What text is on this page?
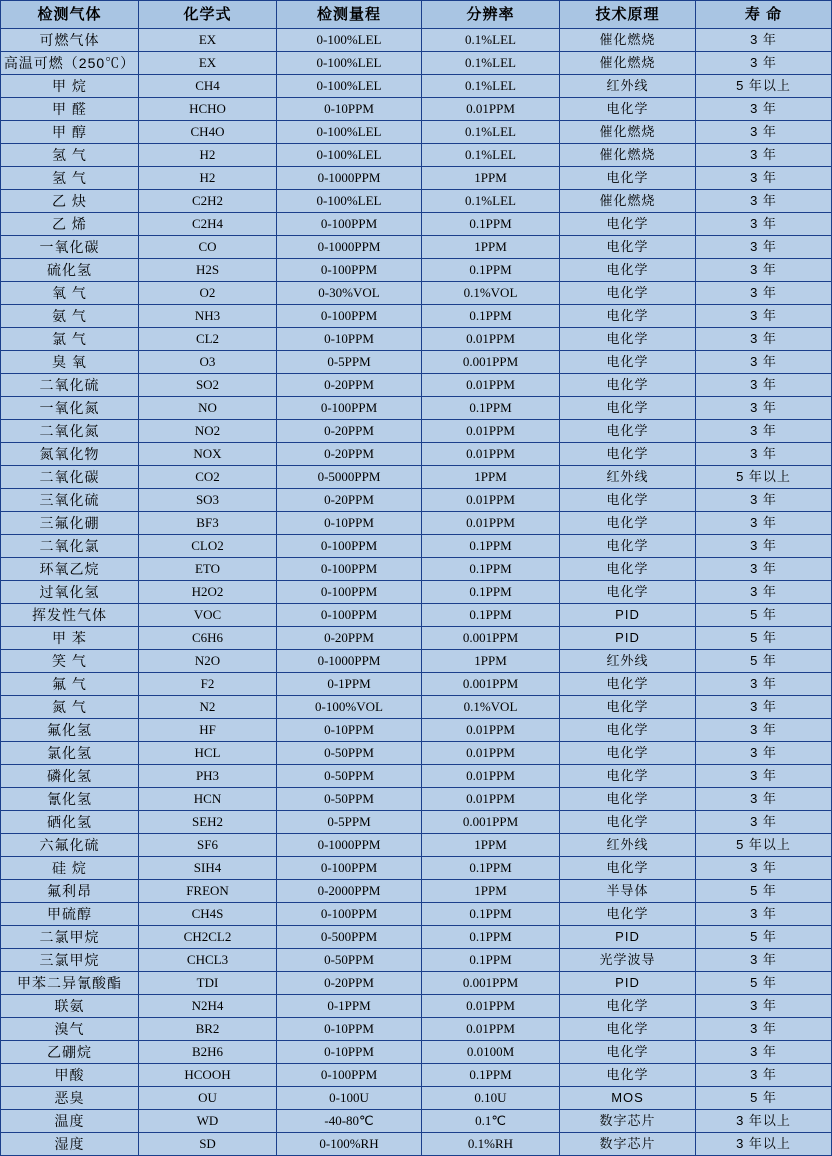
检测气体	化学式	检测量程	分辨率	技术原理	寿 命
可燃气体	EX	0-100%LEL	0.1%LEL	催化燃烧	3 年
高温可燃（250℃）	EX	0-100%LEL	0.1%LEL	催化燃烧	3 年
甲 烷	CH4	0-100%LEL	0.1%LEL	红外线	5 年以上
甲 醛	HCHO	0-10PPM	0.01PPM	电化学	3 年
甲 醇	CH4O	0-100%LEL	0.1%LEL	催化燃烧	3 年
氢 气	H2	0-100%LEL	0.1%LEL	催化燃烧	3 年
氢 气	H2	0-1000PPM	1PPM	电化学	3 年
乙 炔	C2H2	0-100%LEL	0.1%LEL	催化燃烧	3 年
乙 烯	C2H4	0-100PPM	0.1PPM	电化学	3 年
一氧化碳	CO	0-1000PPM	1PPM	电化学	3 年
硫化氢	H2S	0-100PPM	0.1PPM	电化学	3 年
氧 气	O2	0-30%VOL	0.1%VOL	电化学	3 年
氨 气	NH3	0-100PPM	0.1PPM	电化学	3 年
氯 气	CL2	0-10PPM	0.01PPM	电化学	3 年
臭 氧	O3	0-5PPM	0.001PPM	电化学	3 年
二氧化硫	SO2	0-20PPM	0.01PPM	电化学	3 年
一氧化氮	NO	0-100PPM	0.1PPM	电化学	3 年
二氧化氮	NO2	0-20PPM	0.01PPM	电化学	3 年
氮氧化物	NOX	0-20PPM	0.01PPM	电化学	3 年
二氧化碳	CO2	0-5000PPM	1PPM	红外线	5 年以上
三氧化硫	SO3	0-20PPM	0.01PPM	电化学	3 年
三氟化硼	BF3	0-10PPM	0.01PPM	电化学	3 年
二氧化氯	CLO2	0-100PPM	0.1PPM	电化学	3 年
环氧乙烷	ETO	0-100PPM	0.1PPM	电化学	3 年
过氧化氢	H2O2	0-100PPM	0.1PPM	电化学	3 年
挥发性气体	VOC	0-100PPM	0.1PPM	PID	5 年
甲 苯	C6H6	0-20PPM	0.001PPM	PID	5 年
笑 气	N2O	0-1000PPM	1PPM	红外线	5 年
氟 气	F2	0-1PPM	0.001PPM	电化学	3 年
氮 气	N2	0-100%VOL	0.1%VOL	电化学	3 年
氟化氢	HF	0-10PPM	0.01PPM	电化学	3 年
氯化氢	HCL	0-50PPM	0.01PPM	电化学	3 年
磷化氢	PH3	0-50PPM	0.01PPM	电化学	3 年
氰化氢	HCN	0-50PPM	0.01PPM	电化学	3 年
硒化氢	SEH2	0-5PPM	0.001PPM	电化学	3 年
六氟化硫	SF6	0-1000PPM	1PPM	红外线	5 年以上
硅 烷	SIH4	0-100PPM	0.1PPM	电化学	3 年
氟利昂	FREON	0-2000PPM	1PPM	半导体	5 年
甲硫醇	CH4S	0-100PPM	0.1PPM	电化学	3 年
二氯甲烷	CH2CL2	0-500PPM	0.1PPM	PID	5 年
三氯甲烷	CHCL3	0-50PPM	0.1PPM	光学波导	3 年
甲苯二异氰酸酯	TDI	0-20PPM	0.001PPM	PID	5 年
联氨	N2H4	0-1PPM	0.01PPM	电化学	3 年
溴气	BR2	0-10PPM	0.01PPM	电化学	3 年
乙硼烷	B2H6	0-10PPM	0.0100M	电化学	3 年
甲酸	HCOOH	0-100PPM	0.1PPM	电化学	3 年
恶臭	OU	0-100U	0.10U	MOS	5 年
温度	WD	-40-80℃	0.1℃	数字芯片	3 年以上
湿度	SD	0-100%RH	0.1%RH	数字芯片	3 年以上
